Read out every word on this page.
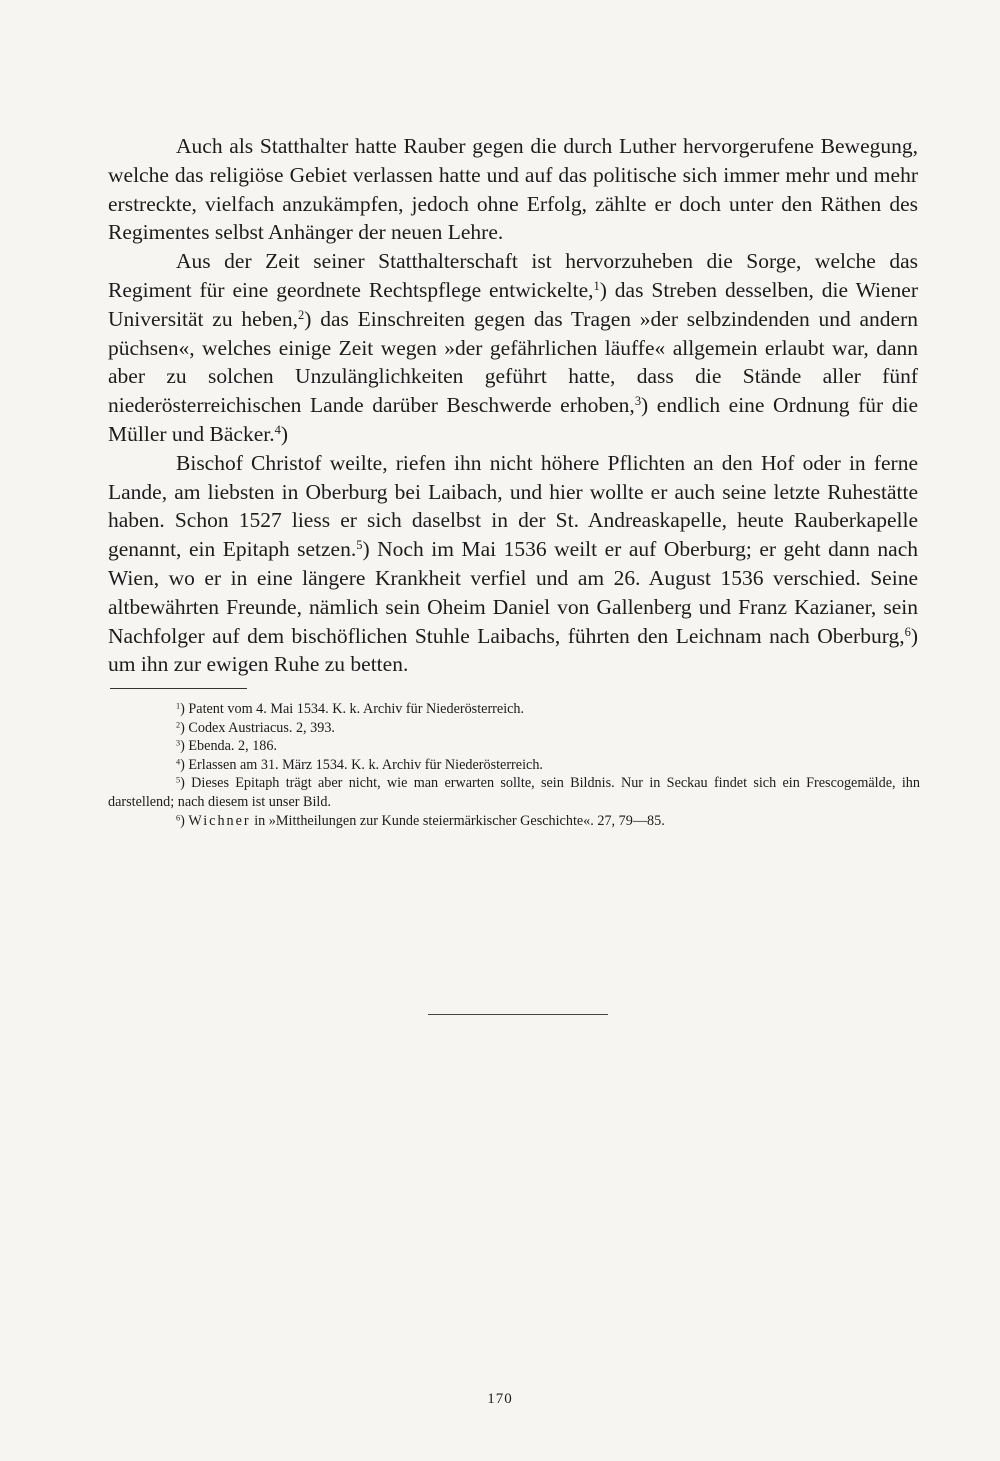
Auch als Statthalter hatte Rauber gegen die durch Luther hervorgerufene Bewegung, welche das religiöse Gebiet verlassen hatte und auf das politische sich immer mehr und mehr erstreckte, vielfach anzukämpfen, jedoch ohne Erfolg, zählte er doch unter den Räthen des Regimentes selbst Anhänger der neuen Lehre.

Aus der Zeit seiner Statthalterschaft ist hervorzuheben die Sorge, welche das Regiment für eine geordnete Rechtspflege entwickelte,$^1$) das Streben desselben, die Wiener Universität zu heben,$^2$) das Einschreiten gegen das Tragen »der selbzindenden und andern püchsen«, welches einige Zeit wegen »der gefährlichen läuffe« allgemein erlaubt war, dann aber zu solchen Unzulänglichkeiten geführt hatte, dass die Stände aller fünf niederösterreichischen Lande darüber Beschwerde erhoben,$^3$) endlich eine Ordnung für die Müller und Bäcker.$^4$)

Bischof Christof weilte, riefen ihn nicht höhere Pflichten an den Hof oder in ferne Lande, am liebsten in Oberburg bei Laibach, und hier wollte er auch seine letzte Ruhestätte haben. Schon 1527 liess er sich daselbst in der St. Andreaskapelle, heute Rauberkapelle genannt, ein Epitaph setzen.$^5$) Noch im Mai 1536 weilt er auf Oberburg; er geht dann nach Wien, wo er in eine längere Krankheit verfiel und am 26. August 1536 verschied. Seine altbewährten Freunde, nämlich sein Oheim Daniel von Gallenberg und Franz Kazianer, sein Nachfolger auf dem bischöflichen Stuhle Laibachs, führten den Leichnam nach Oberburg,$^6$) um ihn zur ewigen Ruhe zu betten.

$^1$) Patent vom 4. Mai 1534. K. k. Archiv für Niederösterreich.

$^2$) Codex Austriacus. 2, 393.

$^3$) Ebenda. 2, 186.

$^4$) Erlassen am 31. März 1534. K. k. Archiv für Niederösterreich.

$^5$) Dieses Epitaph trägt aber nicht, wie man erwarten sollte, sein Bildnis. Nur in Seckau findet sich ein Frescogemälde, ihn darstellend; nach diesem ist unser Bild.

$^6$) Wichner in »Mittheilungen zur Kunde steiermärkischer Geschichte«. 27, 79—85.

170
